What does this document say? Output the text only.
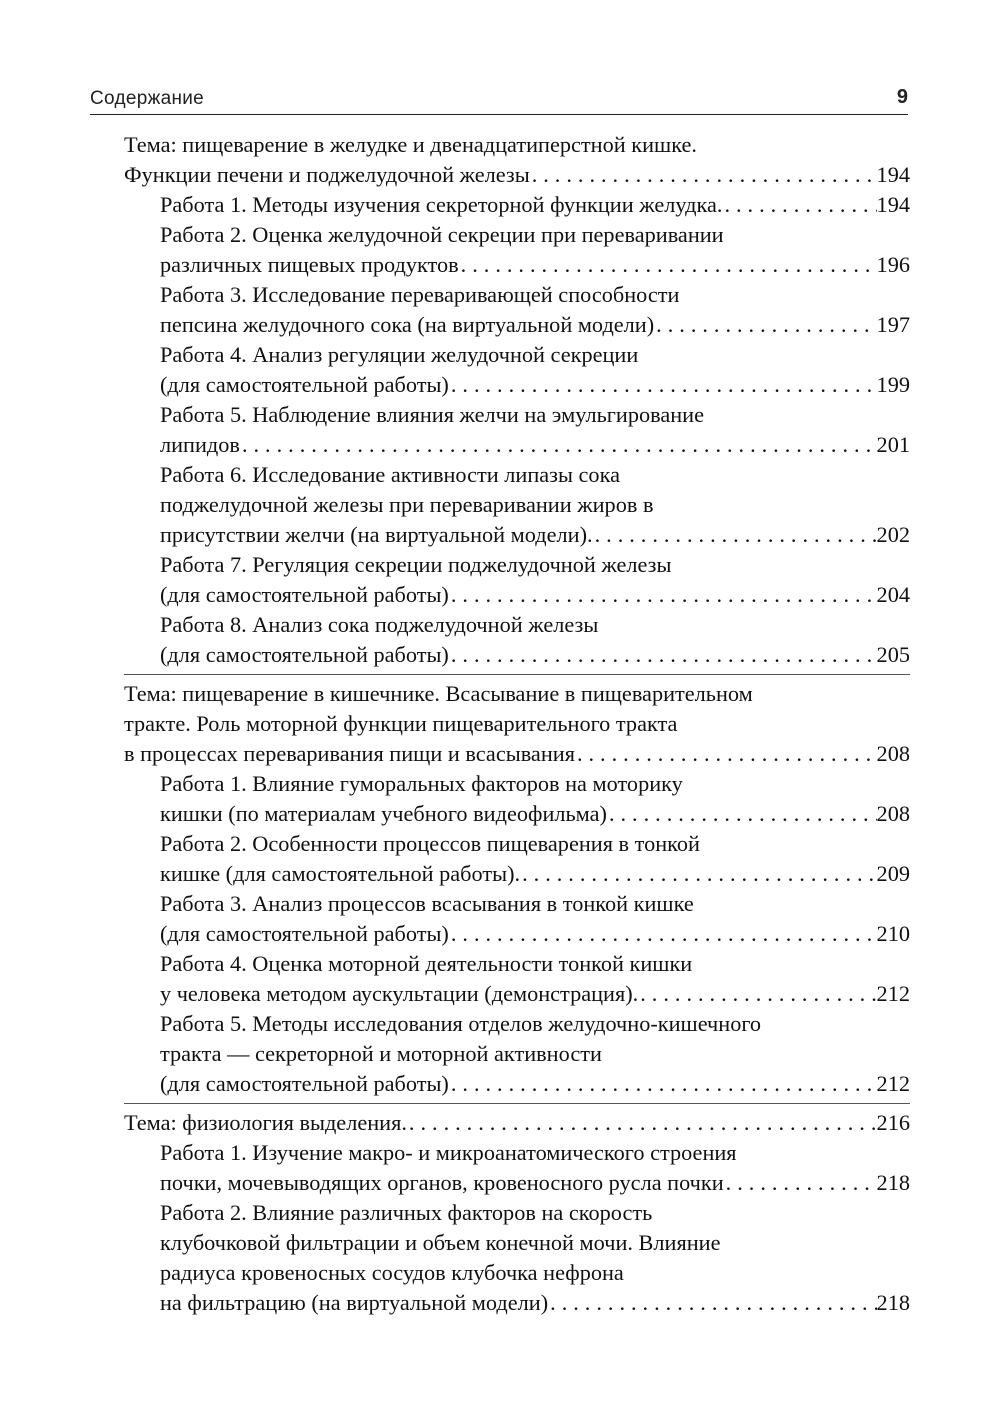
Содержание	9
Тема: пищеварение в желудке и двенадцатиперстной кишке.
Функции печени и поджелудочной железы . . .	194
Работа 1. Методы изучения секреторной функции желудка. . . .	194
Работа 2. Оценка желудочной секреции при переваривании
различных пищевых продуктов . . .	196
Работа 3. Исследование переваривающей способности
пепсина желудочного сока (на виртуальной модели) . . .	197
Работа 4. Анализ регуляции желудочной секреции
(для самостоятельной работы) . . .	199
Работа 5. Наблюдение влияния желчи на эмульгирование
липидов . . .	201
Работа 6. Исследование активности липазы сока
поджелудочной железы при переваривании жиров в
присутствии желчи (на виртуальной модели). . . .	202
Работа 7. Регуляция секреции поджелудочной железы
(для самостоятельной работы) . . .	204
Работа 8. Анализ сока поджелудочной железы
(для самостоятельной работы) . . .	205
Тема: пищеварение в кишечнике. Всасывание в пищеварительном
тракте. Роль моторной функции пищеварительного тракта
в процессах переваривания пищи и всасывания . . .	208
Работа 1. Влияние гуморальных факторов на моторику
кишки (по материалам учебного видеофильма) . . .	208
Работа 2. Особенности процессов пищеварения в тонкой
кишке (для самостоятельной работы). . . .	209
Работа 3. Анализ процессов всасывания в тонкой кишке
(для самостоятельной работы) . . .	210
Работа 4. Оценка моторной деятельности тонкой кишки
у человека методом аускультации (демонстрация). . . .	212
Работа 5. Методы исследования отделов желудочно-кишечного
тракта — секреторной и моторной активности
(для самостоятельной работы) . . .	212
Тема: физиология выделения. . . .	216
Работа 1. Изучение макро- и микроанатомического строения
почки, мочевыводящих органов, кровеносного русла почки . . .	218
Работа 2. Влияние различных факторов на скорость
клубочковой фильтрации и объем конечной мочи. Влияние
радиуса кровеносных сосудов клубочка нефрона
на фильтрацию (на виртуальной модели) . . .	218
